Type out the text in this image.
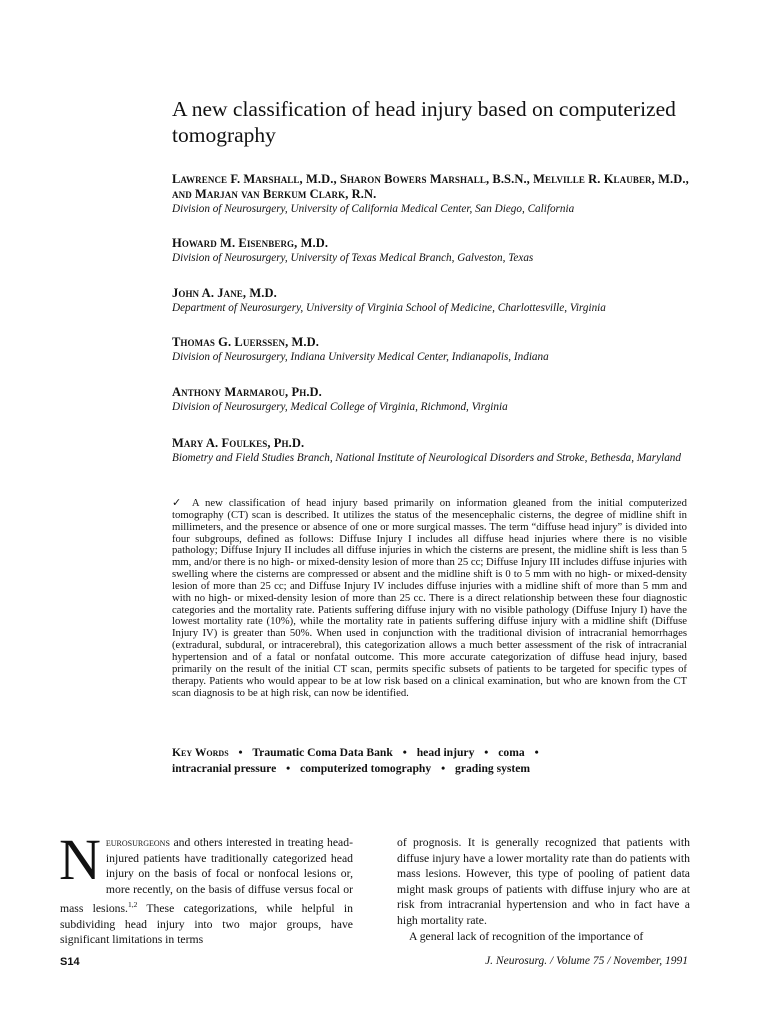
A new classification of head injury based on computerized tomography
Lawrence F. Marshall, M.D., Sharon Bowers Marshall, B.S.N., Melville R. Klauber, M.D., and Marjan van Berkum Clark, R.N.
Division of Neurosurgery, University of California Medical Center, San Diego, California
Howard M. Eisenberg, M.D.
Division of Neurosurgery, University of Texas Medical Branch, Galveston, Texas
John A. Jane, M.D.
Department of Neurosurgery, University of Virginia School of Medicine, Charlottesville, Virginia
Thomas G. Luerssen, M.D.
Division of Neurosurgery, Indiana University Medical Center, Indianapolis, Indiana
Anthony Marmarou, Ph.D.
Division of Neurosurgery, Medical College of Virginia, Richmond, Virginia
Mary A. Foulkes, Ph.D.
Biometry and Field Studies Branch, National Institute of Neurological Disorders and Stroke, Bethesda, Maryland
✓ A new classification of head injury based primarily on information gleaned from the initial computerized tomography (CT) scan is described. It utilizes the status of the mesencephalic cisterns, the degree of midline shift in millimeters, and the presence or absence of one or more surgical masses. The term “diffuse head injury” is divided into four subgroups, defined as follows: Diffuse Injury I includes all diffuse head injuries where there is no visible pathology; Diffuse Injury II includes all diffuse injuries in which the cisterns are present, the midline shift is less than 5 mm, and/or there is no high- or mixed-density lesion of more than 25 cc; Diffuse Injury III includes diffuse injuries with swelling where the cisterns are compressed or absent and the midline shift is 0 to 5 mm with no high- or mixed-density lesion of more than 25 cc; and Diffuse Injury IV includes diffuse injuries with a midline shift of more than 5 mm and with no high- or mixed-density lesion of more than 25 cc. There is a direct relationship between these four diagnostic categories and the mortality rate. Patients suffering diffuse injury with no visible pathology (Diffuse Injury I) have the lowest mortality rate (10%), while the mortality rate in patients suffering diffuse injury with a midline shift (Diffuse Injury IV) is greater than 50%. When used in conjunction with the traditional division of intracranial hemorrhages (extradural, subdural, or intracerebral), this categorization allows a much better assessment of the risk of intracranial hypertension and of a fatal or nonfatal outcome. This more accurate categorization of diffuse head injury, based primarily on the result of the initial CT scan, permits specific subsets of patients to be targeted for specific types of therapy. Patients who would appear to be at low risk based on a clinical examination, but who are known from the CT scan diagnosis to be at high risk, can now be identified.
Key Words • Traumatic Coma Data Bank • head injury • coma •
intracranial pressure • computerized tomography • grading system

Neurosurgeons and others interested in treating head-injured patients have traditionally categorized head injury on the basis of focal or nonfocal lesions or, more recently, on the basis of diffuse versus focal or mass lesions.$^{1,2}$ These categorizations, while helpful in subdividing head injury into two major groups, have significant limitations in terms

of prognosis. It is generally recognized that patients with diffuse injury have a lower mortality rate than do patients with mass lesions. However, this type of pooling of patient data might mask groups of patients with diffuse injury who are at risk from intracranial hypertension and who in fact have a high mortality rate.

A general lack of recognition of the importance of

S14	J. Neurosurg. / Volume 75 / November, 1991
